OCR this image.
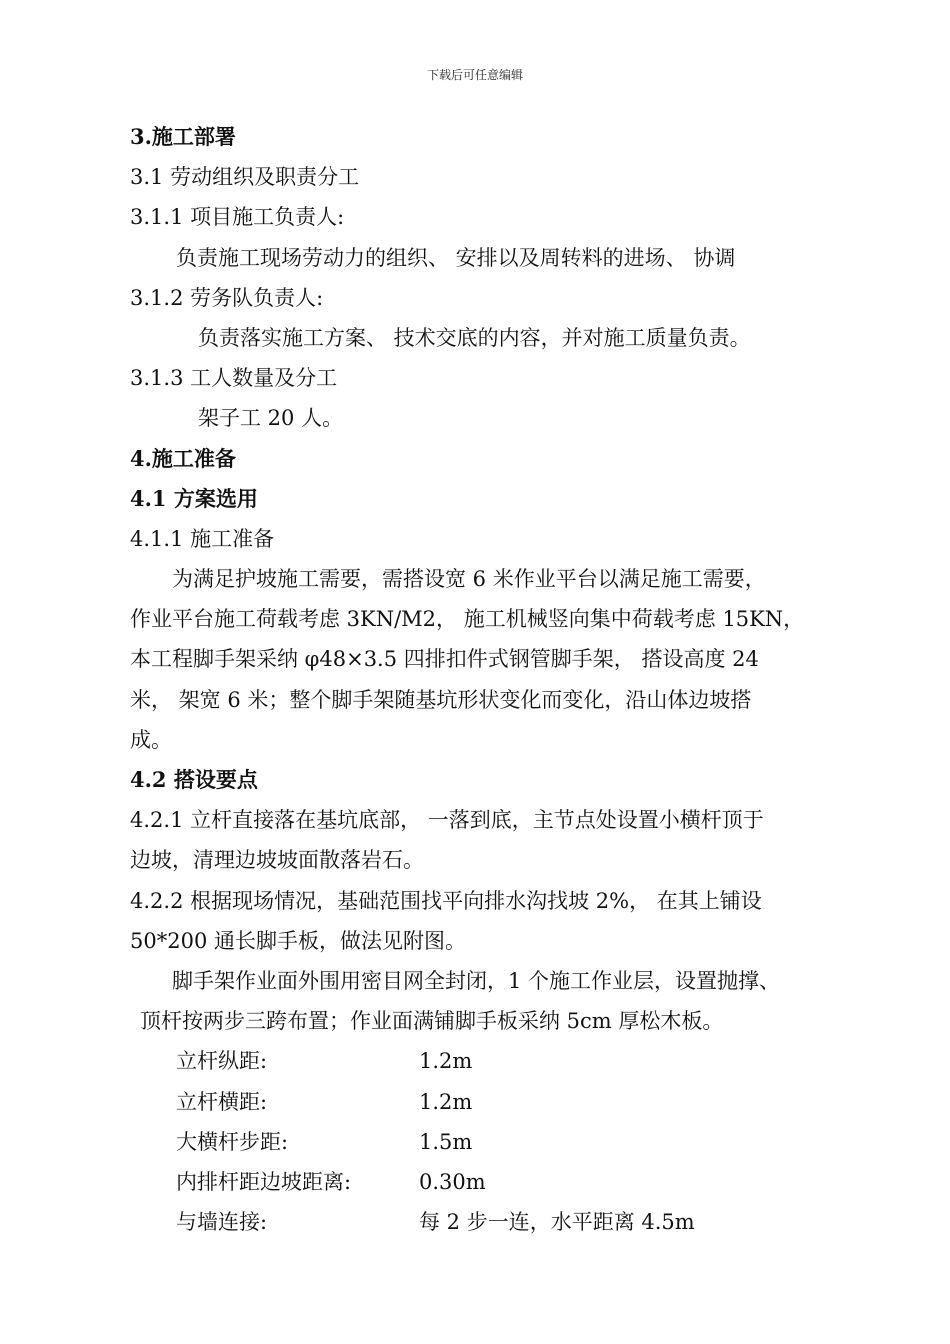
下载后可任意编辑
3.施工部署
3.1 劳动组织及职责分工
3.1.1 项目施工负责人:
负责施工现场劳动力的组织、 安排以及周转料的进场、 协调
3.1.2 劳务队负责人:
负责落实施工方案、 技术交底的内容，并对施工质量负责。
3.1.3 工人数量及分工
架子工 20 人。
4.施工准备
4.1 方案选用
4.1.1 施工准备
　　为满足护坡施工需要，需搭设宽 6 米作业平台以满足施工需要，
作业平台施工荷载考虑 3KN/M2， 施工机械竖向集中荷载考虑 15KN，
本工程脚手架采纳 φ48×3.5 四排扣件式钢管脚手架， 搭设高度 24
米， 架宽 6 米；整个脚手架随基坑形状变化而变化，沿山体边坡搭
成。
4.2 搭设要点
4.2.1 立杆直接落在基坑底部， 一落到底，主节点处设置小横杆顶于
边坡，清理边坡坡面散落岩石。
4.2.2 根据现场情况，基础范围找平向排水沟找坡 2%， 在其上铺设
50*200 通长脚手板，做法见附图。
　　脚手架作业面外围用密目网全封闭，1 个施工作业层，设置抛撑、
顶杆按两步三跨布置；作业面满铺脚手板采纳 5cm 厚松木板。
立杆纵距:	1.2m
立杆横距:	1.2m
大横杆步距:	1.5m
内排杆距边坡距离:	0.30m
与墙连接:	每 2 步一连，水平距离 4.5m
